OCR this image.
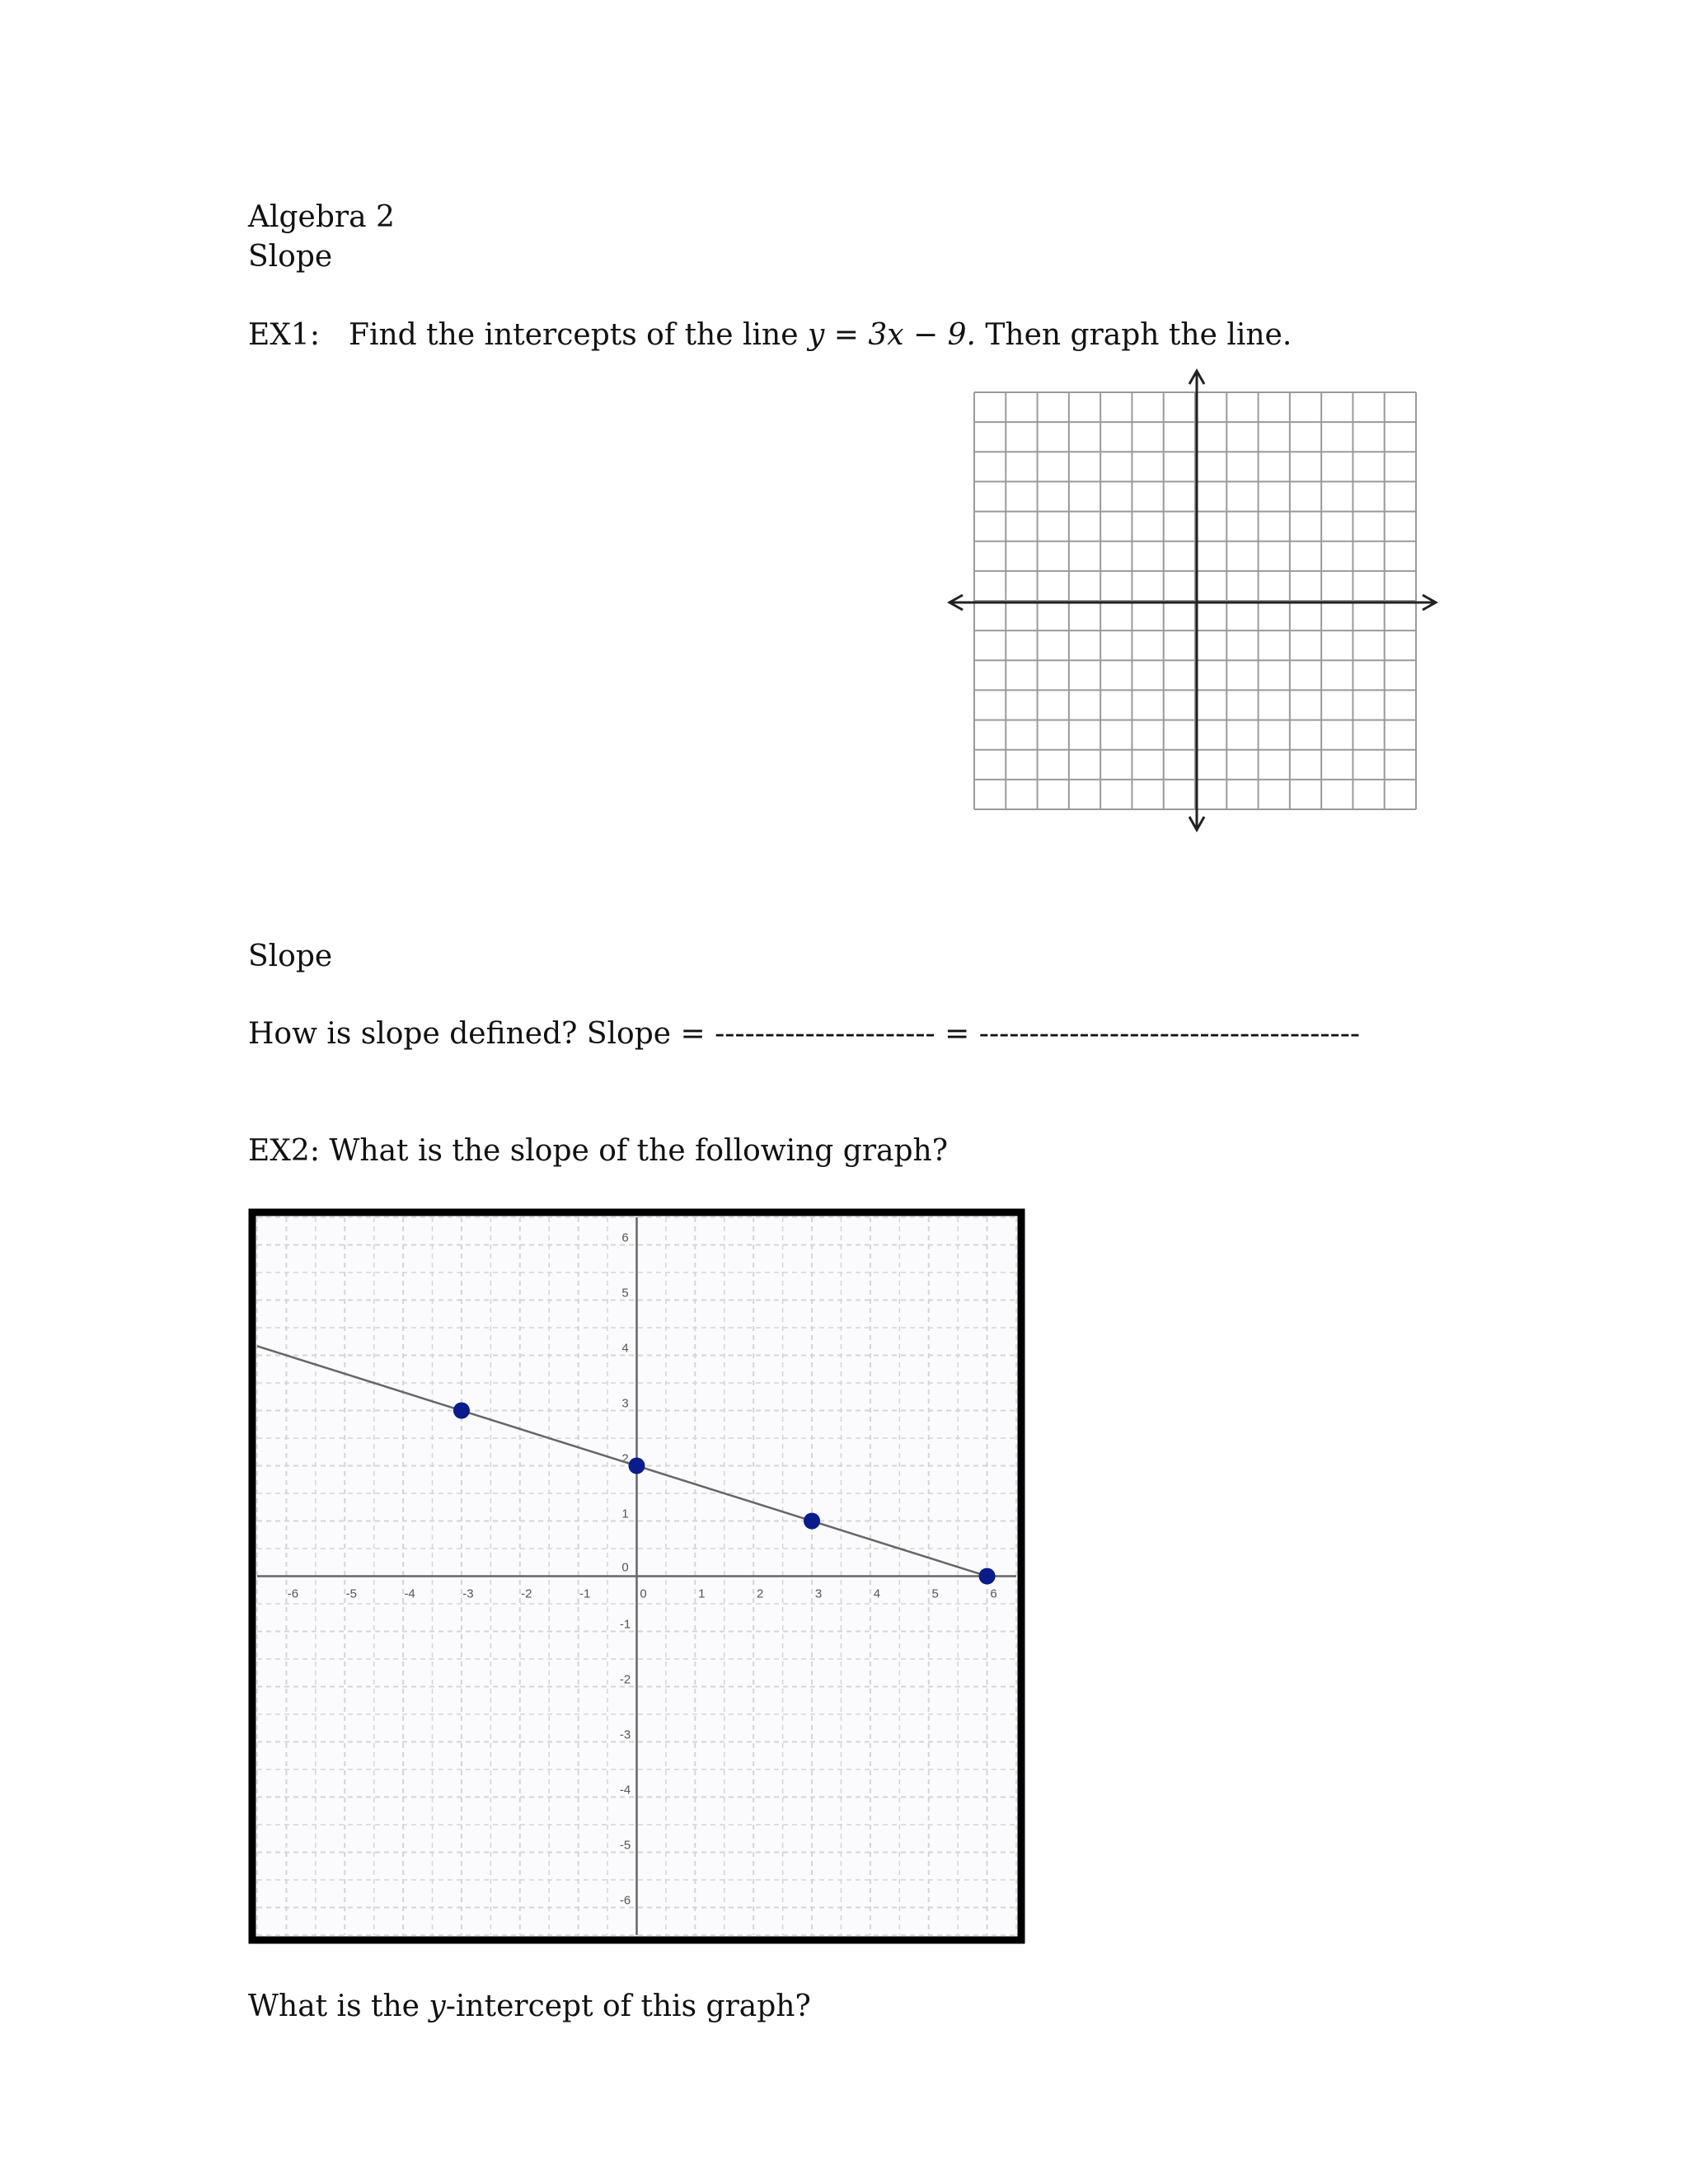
Algebra 2
Slope
EX1: Find the intercepts of the line y = 3x − 9. Then graph the line.
Slope
How is slope defined? Slope = ---------------------- = --------------------------------------
EX2: What is the slope of the following graph?
What is the y-intercept of this graph?
-6	-5	-4	-3	-2	-1	0	1	2	3	4	5	6
-6
-5
-4
-3
-2
-1
1
2
3
4
5
6
0
